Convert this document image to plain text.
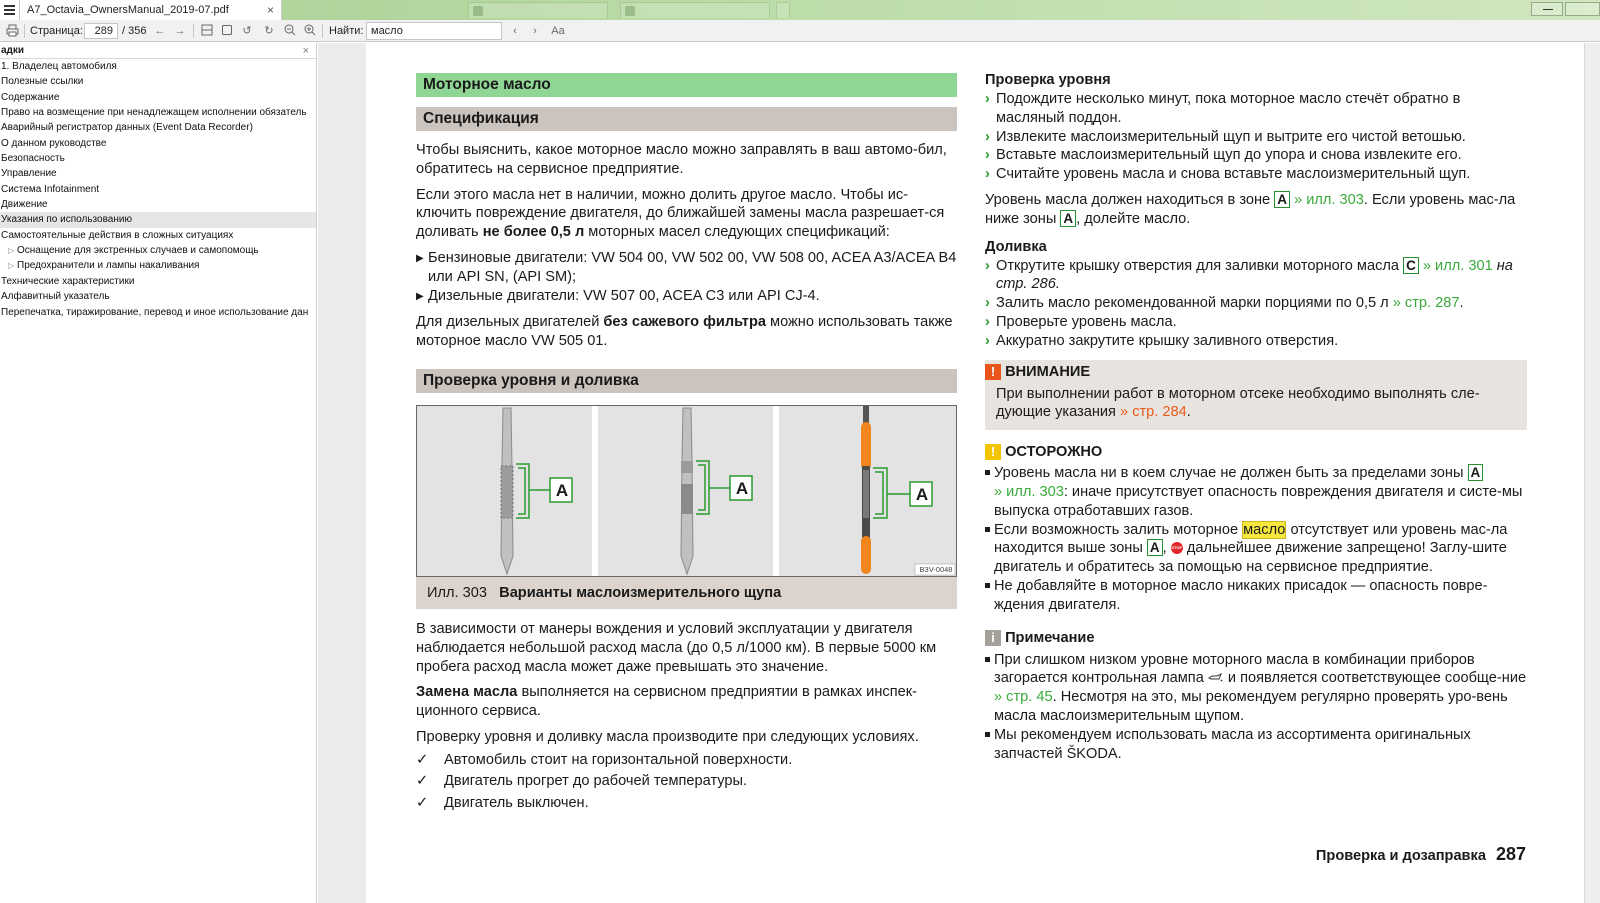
A7_Octavia_OwnersManual_2019-07.pdf	×
Страница:	289 / 356 ← →	↺ ↻	Найти: масло	‹	›	Aa
адки	×
1. Владелец автомобиля
Полезные ссылки
Содержание
Право на возмещение при ненадлежащем исполнении обязатель
Аварийный регистратор данных (Event Data Recorder)
О данном руководстве
Безопасность
Управление
Система Infotainment
Движение
Указания по использованию
Самостоятельные действия в сложных ситуациях
▷ Оснащение для экстренных случаев и самопомощь
▷ Предохранители и лампы накаливания
Технические характеристики
Алфавитный указатель
Перепечатка, тиражирование, перевод и иное использование дан
Моторное масло
Спецификация

Чтобы выяснить, какое моторное масло можно заправлять в ваш автомо-бил, обратитесь на сервисное предприятие.

Если этого масла нет в наличии, можно долить другое масло. Чтобы ис-ключить повреждение двигателя, до ближайшей замены масла разрешает-ся доливать не более 0,5 л моторных масел следующих спецификаций:

▶ Бензиновые двигатели: VW 504 00, VW 502 00, VW 508 00, ACEA A3/ACEA B4 или API SN, (API SM);
▶ Дизельные двигатели: VW 507 00, ACEA C3 или API CJ-4.

Для дизельных двигателей без сажевого фильтра можно использовать также моторное масло VW 505 01.

Проверка уровня и доливка
A	A	A
B3V-0048
Илл. 303 Варианты маслоизмерительного щупа

В зависимости от манеры вождения и условий эксплуатации у двигателя наблюдается небольшой расход масла (до 0,5 л/1000 км). В первые 5000 км пробега расход масла может даже превышать это значение.

Замена масла выполняется на сервисном предприятии в рамках инспек-ционного сервиса.

Проверку уровня и доливку масла производите при следующих условиях.

✓ Автомобиль стоит на горизонтальной поверхности.
✓ Двигатель прогрет до рабочей температуры.
✓ Двигатель выключен.
Проверка уровня
› Подождите несколько минут, пока моторное масло стечёт обратно в масляный поддон.
› Извлеките маслоизмерительный щуп и вытрите его чистой ветошью.
› Вставьте маслоизмерительный щуп до упора и снова извлеките его.
› Считайте уровень масла и снова вставьте маслоизмерительный щуп.

Уровень масла должен находиться в зоне A » илл. 303. Если уровень мас-ла ниже зоны A , долейте масло.

Доливка
› Открутите крышку отверстия для заливки моторного масла C » илл. 301 на стр. 286.
› Залить масло рекомендованной марки порциями по 0,5 л » стр. 287.
› Проверьте уровень масла.
› Аккуратно закрутите крышку заливного отверстия.
! ВНИМАНИЕ

При выполнении работ в моторном отсеке необходимо выполнять сле-дующие указания » стр. 284.

! ОСТОРОЖНО
Уровень масла ни в коем случае не должен быть за пределами зоны A
» илл. 303: иначе присутствует опасность повреждения двигателя и систе-мы выпуска отработавших газов.
Если возможность залить моторное масло отсутствует или уровень мас-ла находится выше зоны A , STOP дальнейшее движение запрещено! Заглу-шите двигатель и обратитесь за помощью на сервисное предприятие.
Не добавляйте в моторное масло никаких присадок — опасность повре-ждения двигателя.
i Примечание
При слишком низком уровне моторного масла в комбинации приборов загорается контрольная лампа  и появляется соответствующее сообще-ние » стр. 45. Несмотря на это, мы рекомендуем регулярно проверять уро-вень масла маслоизмерительным щупом.
Мы рекомендуем использовать масла из ассортимента оригинальных запчастей ŠKODA.
Проверка и дозаправка 287
